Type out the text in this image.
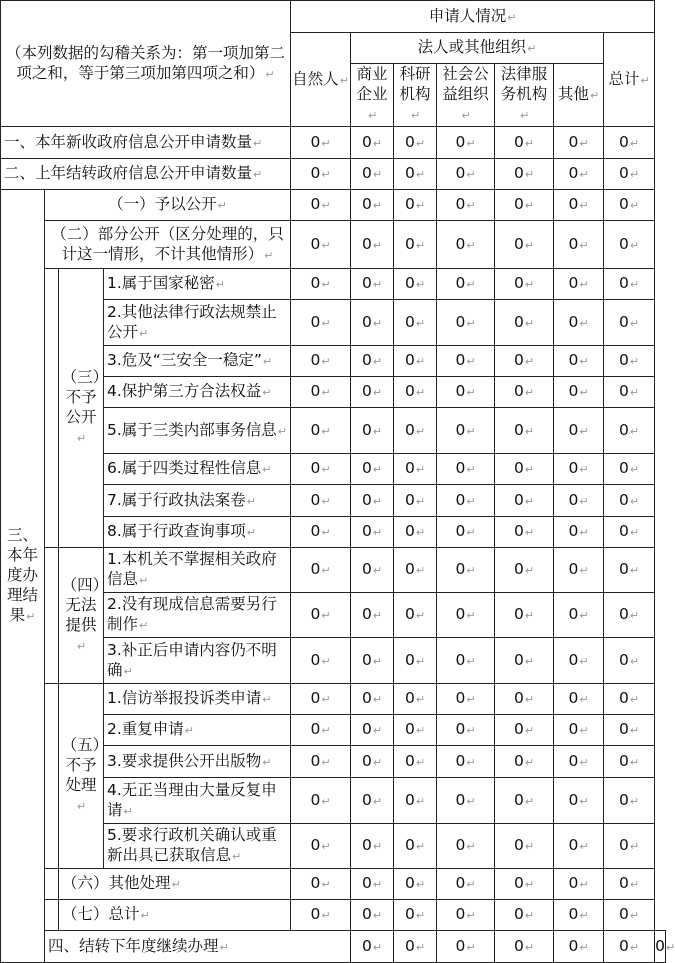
（本列数据的勾稽关系为：第一项加第二项之和，等于第三项加第四项之和）↵				申请人情况↵							
				自然人↵	法人或其他组织↵					总计↵	
					商业企业↵	科研机构↵	社会公益组织↵	法律服务机构↵	其他↵		
一、本年新收政府信息公开申请数量↵				0↵	0↵	0↵	0↵	0↵	0↵	0↵	
二、上年结转政府信息公开申请数量↵				0↵	0↵	0↵	0↵	0↵	0↵	0↵	
三、本年度办理结果↵	（一）予以公开↵			0↵	0↵	0↵	0↵	0↵	0↵	0↵	
	（二）部分公开（区分处理的，只计这一情形，不计其他情形）↵			0↵	0↵	0↵	0↵	0↵	0↵	0↵	
		（三）不予公开↵	1.属于国家秘密↵	0↵	0↵	0↵	0↵	0↵	0↵	0↵	
			2.其他法律行政法规禁止公开↵	0↵	0↵	0↵	0↵	0↵	0↵	0↵	
			3.危及“三安全一稳定”↵	0↵	0↵	0↵	0↵	0↵	0↵	0↵	
			4.保护第三方合法权益↵	0↵	0↵	0↵	0↵	0↵	0↵	0↵	
			5.属于三类内部事务信息↵	0↵	0↵	0↵	0↵	0↵	0↵	0↵	
			6.属于四类过程性信息↵	0↵	0↵	0↵	0↵	0↵	0↵	0↵	
			7.属于行政执法案卷↵	0↵	0↵	0↵	0↵	0↵	0↵	0↵	
			8.属于行政查询事项↵	0↵	0↵	0↵	0↵	0↵	0↵	0↵	
		（四）无法提供↵	1.本机关不掌握相关政府信息↵	0↵	0↵	0↵	0↵	0↵	0↵	0↵	
			2.没有现成信息需要另行制作↵	0↵	0↵	0↵	0↵	0↵	0↵	0↵	
			3.补正后申请内容仍不明确↵	0↵	0↵	0↵	0↵	0↵	0↵	0↵	
		（五）不予处理↵	1.信访举报投诉类申请↵	0↵	0↵	0↵	0↵	0↵	0↵	0↵	
			2.重复申请↵	0↵	0↵	0↵	0↵	0↵	0↵	0↵	
			3.要求提供公开出版物↵	0↵	0↵	0↵	0↵	0↵	0↵	0↵	
			4.无正当理由大量反复申请↵	0↵	0↵	0↵	0↵	0↵	0↵	0↵	
			5.要求行政机关确认或重新出具已获取信息↵	0↵	0↵	0↵	0↵	0↵	0↵	0↵	
		（六）其他处理↵		0↵	0↵	0↵	0↵	0↵	0↵	0↵	
		（七）总计↵		0↵	0↵	0↵	0↵	0↵	0↵	0↵	
	四、结转下年度继续办理↵				0↵	0↵	0↵	0↵	0↵	0↵	0↵
